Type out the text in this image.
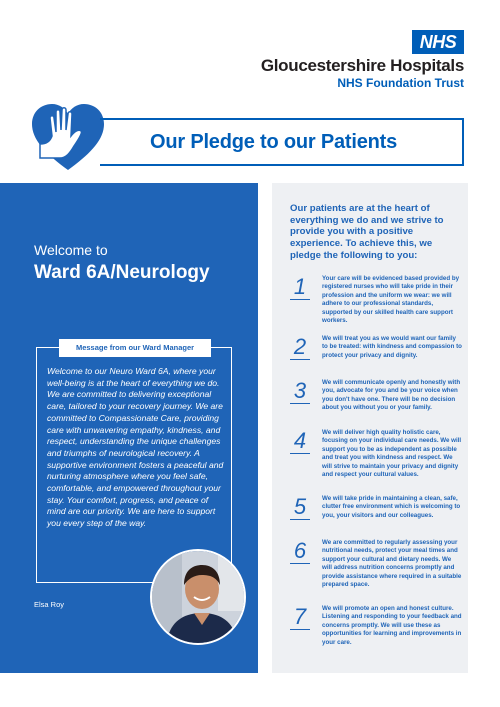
NHS
Gloucestershire Hospitals
NHS Foundation Trust
Our Pledge to our Patients
Welcome to
Ward 6A/Neurology
Message from our Ward Manager
Welcome to our Neuro Ward 6A, where your well-being is at the heart of everything we do. We are committed to delivering exceptional care, tailored to your recovery journey. We are committed to Compassionate Care, providing care with unwavering empathy, kindness, and respect, understanding the unique challenges and triumphs of neurological recovery. A supportive environment fosters a peaceful and nurturing atmosphere where you feel safe, comfortable, and empowered throughout your stay. Your comfort, progress, and peace of mind are our priority. We are here to support you every step of the way.
Elsa Roy
Our patients are at the heart of everything we do and we strive to provide you with a positive experience. To achieve this, we pledge the following to you:
1	Your care will be evidenced based provided by registered nurses who will take pride in their profession and the uniform we wear: we will adhere to our professional standards, supported by our skilled health care support workers.
2	We will treat you as we would want our family to be treated: with kindness and compassion to protect your privacy and dignity.
3	We will communicate openly and honestly with you, advocate for you and be your voice when you don't have one. There will be no decision about you without you or your family.
4	We will deliver high quality holistic care, focusing on your individual care needs. We will support you to be as independent as possible and treat you with kindness and respect. We will strive to maintain your privacy and dignity and respect your cultural values.
5	We will take pride in maintaining a clean, safe, clutter free environment which is welcoming to you, your visitors and our colleagues.
6	We are committed to regularly assessing your nutritional needs, protect your meal times and support your cultural and dietary needs. We will address nutrition concerns promptly and provide assistance where required in a suitable prepared space.
7	We will promote an open and honest culture. Listening and responding to your feedback and concerns promptly. We will use these as opportunities for learning and improvements in your care.
